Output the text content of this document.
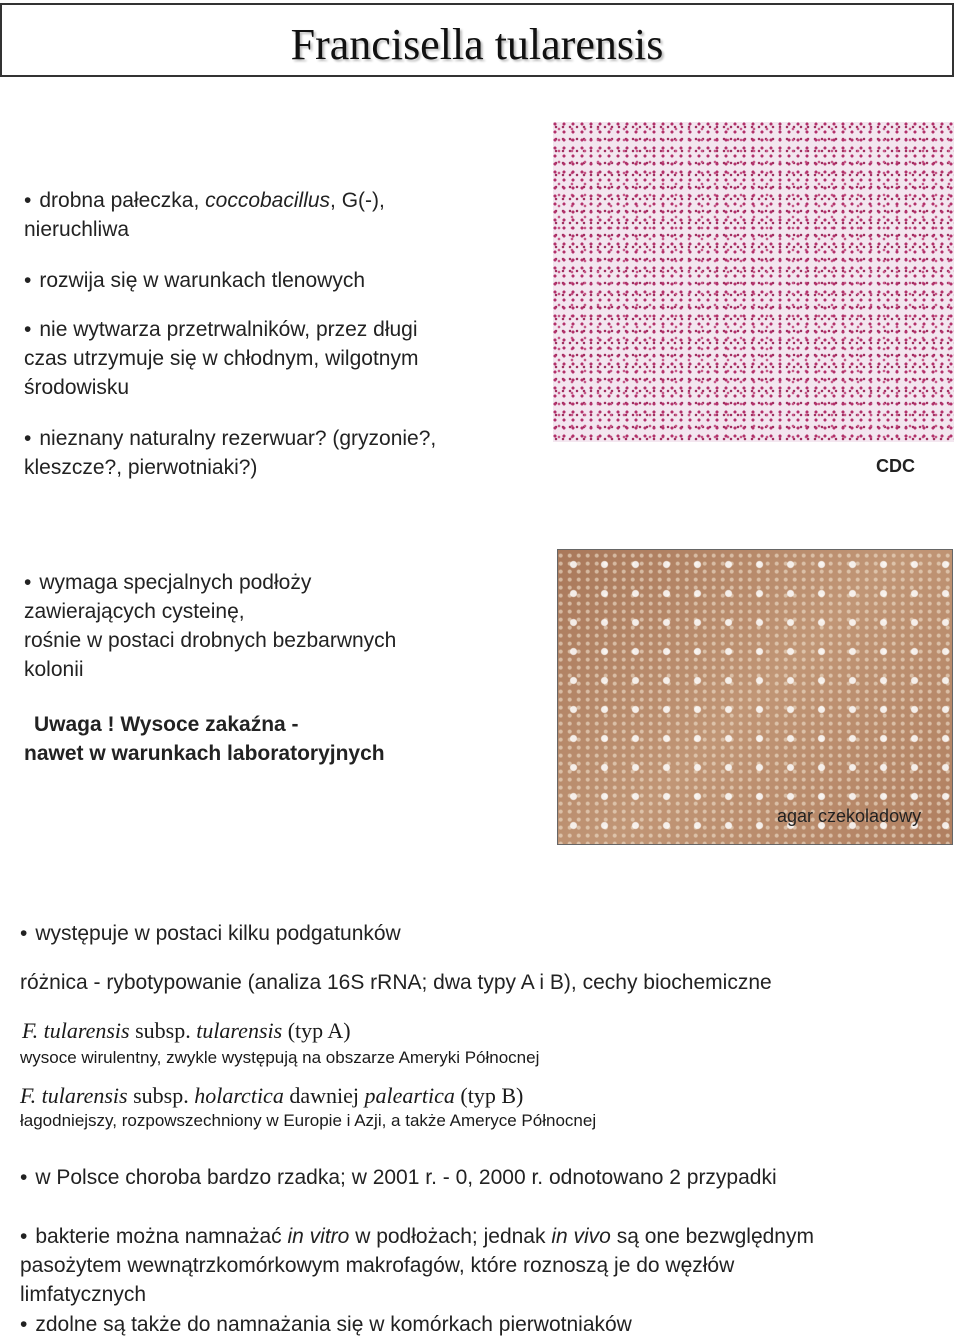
Francisella tularensis
• drobna pałeczka, coccobacillus, G(-),
nieruchliwa
• rozwija się w warunkach tlenowych
• nie wytwarza przetrwalników, przez długi
czas utrzymuje się w chłodnym, wilgotnym
środowisku
• nieznany naturalny rezerwuar? (gryzonie?,
kleszcze?, pierwotniaki?)	CDC
• wymaga specjalnych podłoży
zawierających cysteinę,
rośnie w postaci drobnych bezbarwnych
kolonii
Uwaga ! Wysoce zakaźna -
nawet w warunkach laboratoryjnych
agar czekoladowy
• występuje w postaci kilku podgatunków
różnica - rybotypowanie (analiza 16S rRNA; dwa typy A i B), cechy biochemiczne
F. tularensis subsp. tularensis (typ A)
wysoce wirulentny, zwykle występują na obszarze Ameryki Północnej
F. tularensis subsp. holarctica dawniej paleartica (typ B)
łagodniejszy, rozpowszechniony w Europie i Azji, a także Ameryce Północnej
• w Polsce choroba bardzo rzadka; w 2001 r. - 0, 2000 r. odnotowano 2 przypadki
• bakterie można namnażać in vitro w podłożach; jednak in vivo są one bezwględnym
pasożytem wewnątrzkomórkowym makrofagów, które roznoszą je do węzłów
limfatycznych
• zdolne są także do namnażania się w komórkach pierwotniaków
